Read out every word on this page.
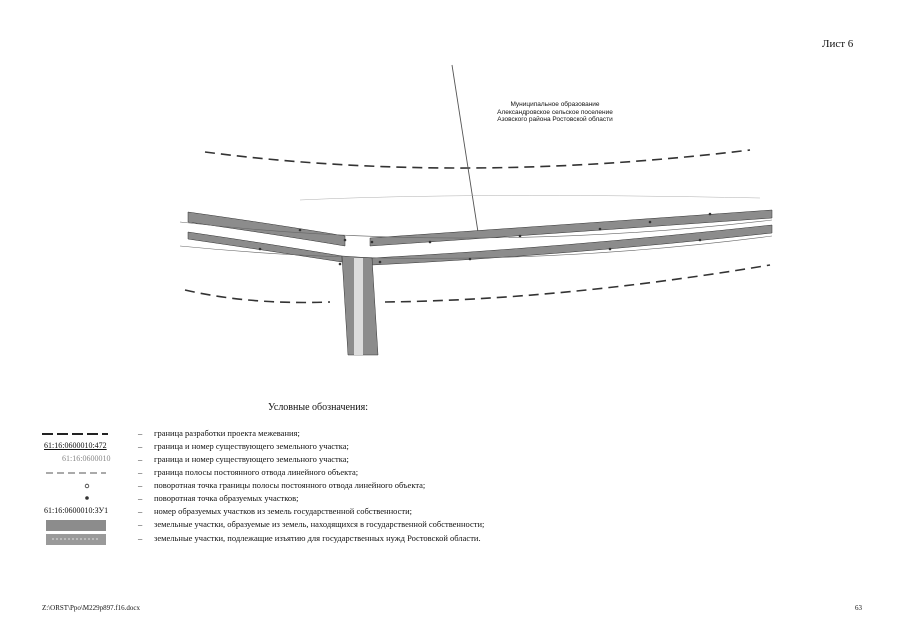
Лист 6
Муниципальное образование
Александровское сельское поселение
Азовского района Ростовской области
Условные обозначения:
– граница разработки проекта межевания;
61:16:0600010:472	– граница и номер существующего земельного участка;
61:16:0600010	– граница и номер существующего земельного участка;
– граница полосы постоянного отвода линейного объекта;
– поворотная точка границы полосы постоянного отвода линейного объекта;
– поворотная точка образуемых участков;
61:16:0600010:ЗУ1	– номер образуемых участков из земель государственной собственности;
– земельные участки, образуемые из земель, находящихся в государственной собственности;
– земельные участки, подлежащие изъятию для государственных нужд Ростовской области.
Z:\ORST\Ppo\M229p897.f16.docx	63
